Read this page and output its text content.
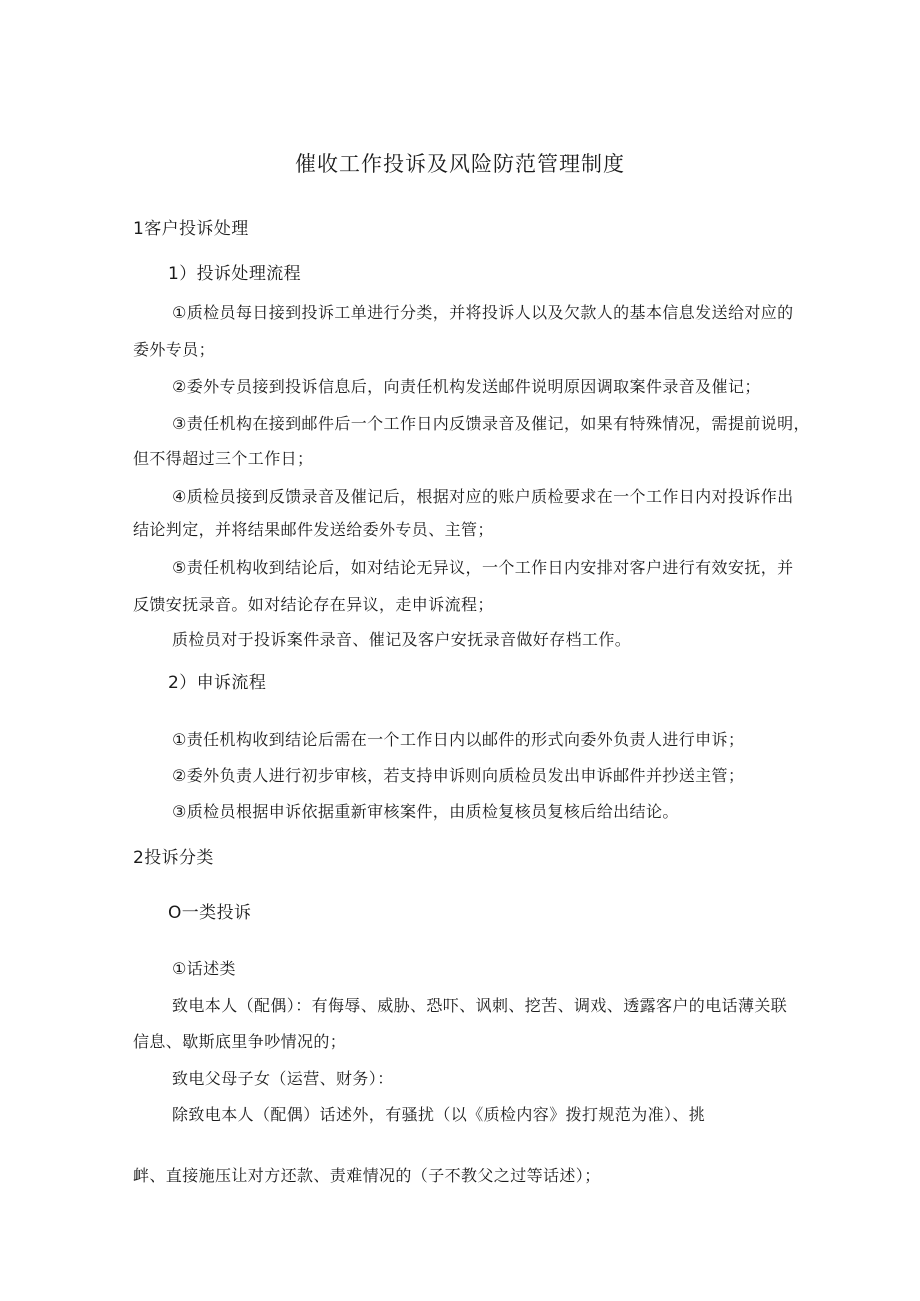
催收工作投诉及风险防范管理制度
1客户投诉处理
1）投诉处理流程
①质检员每日接到投诉工单进行分类，并将投诉人以及欠款人的基本信息发送给对应的
委外专员；
②委外专员接到投诉信息后，向责任机构发送邮件说明原因调取案件录音及催记；
③责任机构在接到邮件后一个工作日内反馈录音及催记，如果有特殊情况，需提前说明，
但不得超过三个工作日；
④质检员接到反馈录音及催记后，根据对应的账户质检要求在一个工作日内对投诉作出
结论判定，并将结果邮件发送给委外专员、主管；
⑤责任机构收到结论后，如对结论无异议，一个工作日内安排对客户进行有效安抚，并
反馈安抚录音。如对结论存在异议，走申诉流程；
质检员对于投诉案件录音、催记及客户安抚录音做好存档工作。
2）申诉流程
①责任机构收到结论后需在一个工作日内以邮件的形式向委外负责人进行申诉；
②委外负责人进行初步审核，若支持申诉则向质检员发出申诉邮件并抄送主管；
③质检员根据申诉依据重新审核案件，由质检复核员复核后给出结论。
2投诉分类
O一类投诉
①话述类
致电本人（配偶）：有侮辱、威胁、恐吓、讽刺、挖苦、调戏、透露客户的电话薄关联
信息、歇斯底里争吵情况的；
致电父母子女（运营、财务）：
除致电本人（配偶）话述外，有骚扰（以《质检内容》拨打规范为准）、挑
衅、直接施压让对方还款、责难情况的（子不教父之过等话述）；
